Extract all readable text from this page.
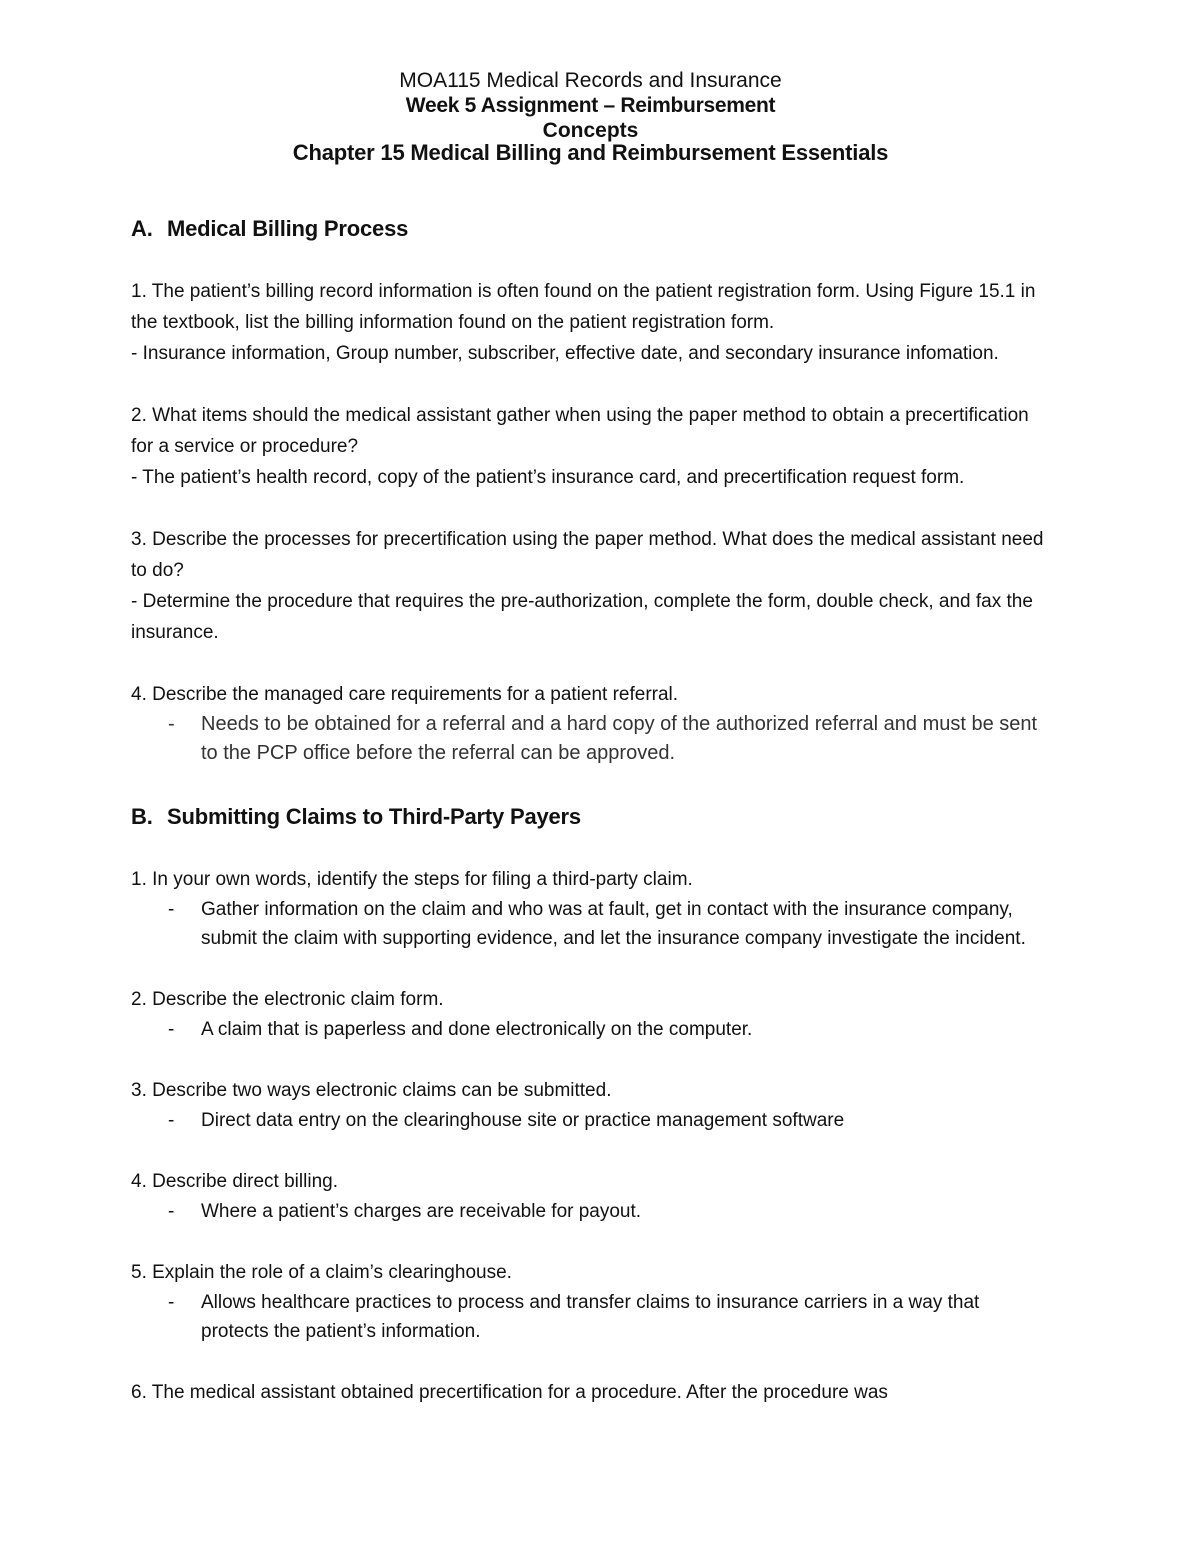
MOA115 Medical Records and Insurance
Week 5 Assignment – Reimbursement
Concepts
Chapter 15 Medical Billing and Reimbursement Essentials
A. Medical Billing Process

1. The patient’s billing record information is often found on the patient registration form. Using Figure 15.1 in the textbook, list the billing information found on the patient registration form.

- Insurance information, Group number, subscriber, effective date, and secondary insurance infomation.

2. What items should the medical assistant gather when using the paper method to obtain a precertification for a service or procedure?

- The patient’s health record, copy of the patient’s insurance card, and precertification request form.

3. Describe the processes for precertification using the paper method. What does the medical assistant need to do?

- Determine the procedure that requires the pre-authorization, complete the form, double check, and fax the insurance.

4. Describe the managed care requirements for a patient referral.

- Needs to be obtained for a referral and a hard copy of the authorized referral and must be sent to the PCP office before the referral can be approved.

B. Submitting Claims to Third-Party Payers

1. In your own words, identify the steps for filing a third-party claim.

- Gather information on the claim and who was at fault, get in contact with the insurance company, submit the claim with supporting evidence, and let the insurance company investigate the incident.

2. Describe the electronic claim form.

- A claim that is paperless and done electronically on the computer.

3. Describe two ways electronic claims can be submitted.

- Direct data entry on the clearinghouse site or practice management software

4. Describe direct billing.

- Where a patient’s charges are receivable for payout.

5. Explain the role of a claim’s clearinghouse.

- Allows healthcare practices to process and transfer claims to insurance carriers in a way that protects the patient’s information.

6. The medical assistant obtained precertification for a procedure. After the procedure was
